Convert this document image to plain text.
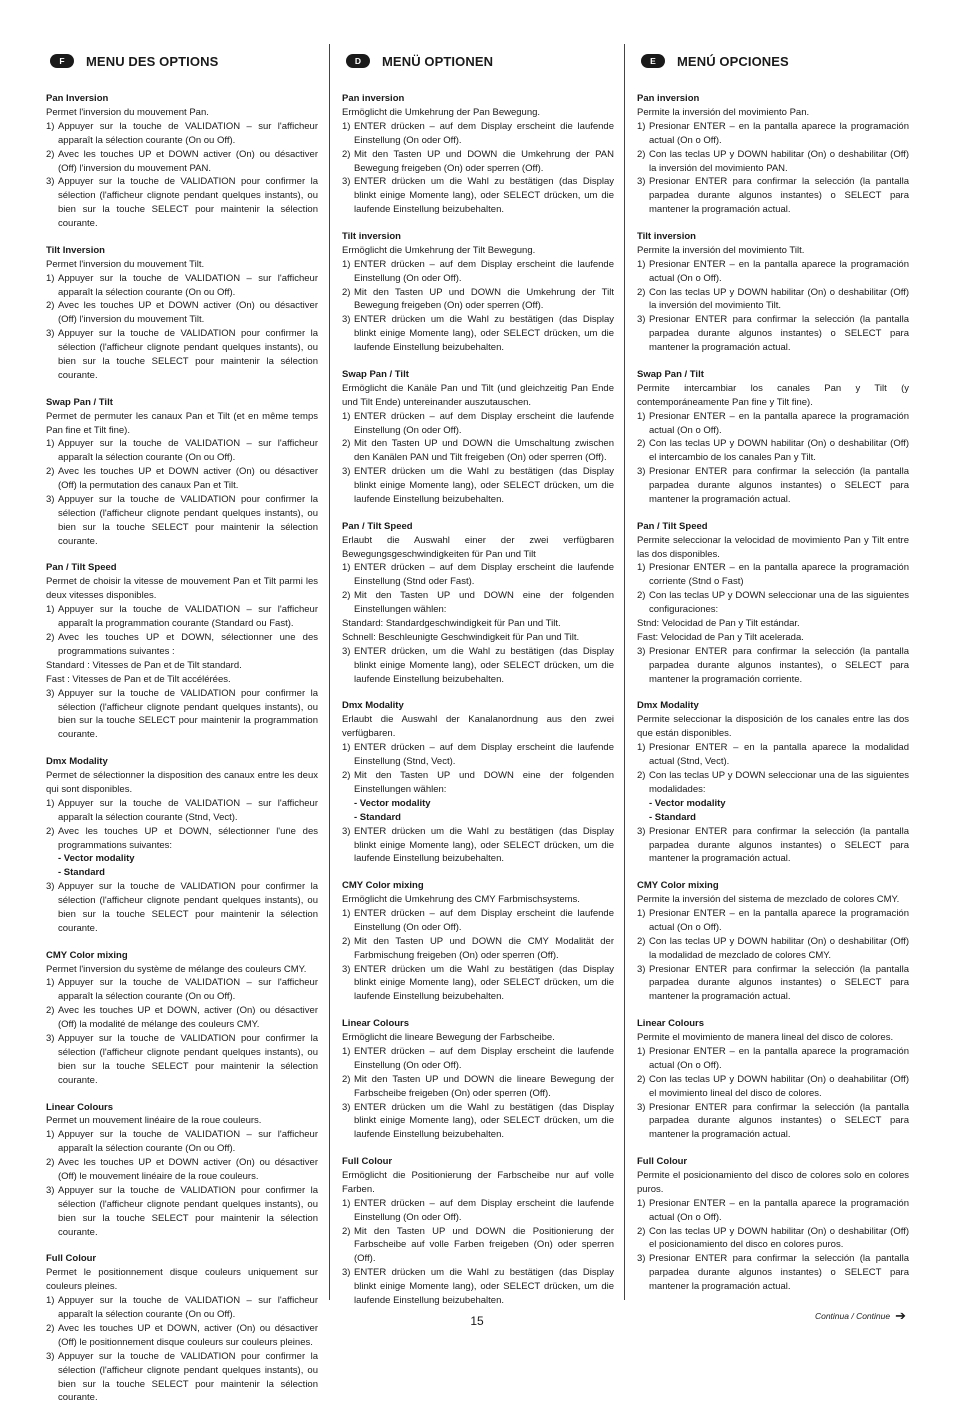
F	MENU DES OPTIONS
Pan Inversion
Permet l'inversion du mouvement Pan.
1) Appuyer sur la touche de VALIDATION – sur l'afficheur apparaît la sélection courante (On ou Off).
2) Avec les touches UP et DOWN activer (On) ou désactiver (Off) l'inversion du mouvement PAN.
3) Appuyer sur la touche de VALIDATION pour confirmer la sélection (l'afficheur clignote pendant quelques instants), ou bien sur la touche SELECT pour maintenir la sélection courante.
Tilt Inversion
Permet l'inversion du mouvement Tilt.
1) Appuyer sur la touche de VALIDATION – sur l'afficheur apparaît la sélection courante (On ou Off).
2) Avec les touches UP et DOWN activer (On) ou désactiver (Off) l'inversion du mouvement Tilt.
3) Appuyer sur la touche de VALIDATION pour confirmer la sélection (l'afficheur clignote pendant quelques instants), ou bien sur la touche SELECT pour maintenir la sélection courante.
Swap Pan / Tilt
Permet de permuter les canaux Pan et Tilt (et en même temps Pan fine et Tilt fine).
1) Appuyer sur la touche de VALIDATION – sur l'afficheur apparaît la sélection courante (On ou Off).
2) Avec les touches UP et DOWN activer (On) ou désactiver (Off) la permutation des canaux Pan et Tilt.
3) Appuyer sur la touche de VALIDATION pour confirmer la sélection (l'afficheur clignote pendant quelques instants), ou bien sur la touche SELECT pour maintenir la sélection courante.
Pan / Tilt Speed
Permet de choisir la vitesse de mouvement Pan et Tilt parmi les deux vitesses disponibles.
1) Appuyer sur la touche de VALIDATION – sur l'afficheur apparaît la programmation courante (Standard ou Fast).
2) Avec les touches UP et DOWN, sélectionner une des programmations suivantes :
Standard : Vitesses de Pan et de Tilt standard.
Fast : Vitesses de Pan et de Tilt accélérées.
3) Appuyer sur la touche de VALIDATION pour confirmer la sélection (l'afficheur clignote pendant quelques instants), ou bien sur la touche SELECT pour maintenir la programmation courante.
Dmx Modality
Permet de sélectionner la disposition des canaux entre les deux qui sont disponibles.
1) Appuyer sur la touche de VALIDATION – sur l'afficheur apparaît la sélection courante (Stnd, Vect).
2) Avec les touches UP et DOWN, sélectionner l'une des programmations suivantes:
- Vector modality
- Standard
3) Appuyer sur la touche de VALIDATION pour confirmer la sélection (l'afficheur clignote pendant quelques instants), ou bien sur la touche SELECT pour maintenir la sélection courante.
CMY Color mixing
Permet l'inversion du système de mélange des couleurs CMY.
1) Appuyer sur la touche de VALIDATION – sur l'afficheur apparaît la sélection courante (On ou Off).
2) Avec les touches UP et DOWN, activer (On) ou désactiver (Off) la modalité de mélange des couleurs CMY.
3) Appuyer sur la touche de VALIDATION pour confirmer la sélection (l'afficheur clignote pendant quelques instants), ou bien sur la touche SELECT pour maintenir la sélection courante.
Linear Colours
Permet un mouvement linéaire de la roue couleurs.
1) Appuyer sur la touche de VALIDATION – sur l'afficheur apparaît la sélection courante (On ou Off).
2) Avec les touches UP et DOWN activer (On) ou désactiver (Off) le mouvement linéaire de la roue couleurs.
3) Appuyer sur la touche de VALIDATION pour confirmer la sélection (l'afficheur clignote pendant quelques instants), ou bien sur la touche SELECT pour maintenir la sélection courante.
Full Colour
Permet le positionnement disque couleurs uniquement sur couleurs pleines.
1) Appuyer sur la touche de VALIDATION – sur l'afficheur apparaît la sélection courante (On ou Off).
2) Avec les touches UP et DOWN, activer (On) ou désactiver (Off) le positionnement disque couleurs sur couleurs pleines.
3) Appuyer sur la touche de VALIDATION pour confirmer la sélection (l'afficheur clignote pendant quelques instants), ou bien sur la touche SELECT pour maintenir la sélection courante.
D	MENÜ OPTIONEN
Pan inversion
Ermöglicht die Umkehrung der Pan Bewegung.
1) ENTER drücken – auf dem Display erscheint die laufende Einstellung (On oder Off).
2) Mit den Tasten UP und DOWN die Umkehrung der PAN Bewegung freigeben (On) oder sperren (Off).
3) ENTER drücken um die Wahl zu bestätigen (das Display blinkt einige Momente lang), oder SELECT drücken, um die laufende Einstellung beizubehalten.
Tilt inversion
Ermöglicht die Umkehrung der Tilt Bewegung.
1) ENTER drücken – auf dem Display erscheint die laufende Einstellung (On oder Off).
2) Mit den Tasten UP und DOWN die Umkehrung der Tilt Bewegung freigeben (On) oder sperren (Off).
3) ENTER drücken um die Wahl zu bestätigen (das Display blinkt einige Momente lang), oder SELECT drücken, um die laufende Einstellung beizubehalten.
Swap Pan / Tilt
Ermöglicht die Kanäle Pan und Tilt (und gleichzeitig Pan Ende und Tilt Ende) untereinander auszutauschen.
1) ENTER drücken – auf dem Display erscheint die laufende Einstellung (On oder Off).
2) Mit den Tasten UP und DOWN die Umschaltung zwischen den Kanälen PAN und Tilt freigeben (On) oder sperren (Off).
3) ENTER drücken um die Wahl zu bestätigen (das Display blinkt einige Momente lang), oder SELECT drücken, um die laufende Einstellung beizubehalten.
Pan / Tilt Speed
Erlaubt die Auswahl einer der zwei verfügbaren Bewegungsgeschwindigkeiten für Pan und Tilt
1) ENTER drücken – auf dem Display erscheint die laufende Einstellung (Stnd oder Fast).
2) Mit den Tasten UP und DOWN eine der folgenden Einstellungen wählen:
Standard: Standardgeschwindigkeit für Pan und Tilt.
Schnell: Beschleunigte Geschwindigkeit für Pan und Tilt.
3) ENTER drücken, um die Wahl zu bestätigen (das Display blinkt einige Momente lang), oder SELECT drücken, um die laufende Einstellung beizubehalten.
Dmx Modality
Erlaubt die Auswahl der Kanalanordnung aus den zwei verfügbaren.
1) ENTER drücken – auf dem Display erscheint die laufende Einstellung (Stnd, Vect).
2) Mit den Tasten UP und DOWN eine der folgenden Einstellungen wählen:
- Vector modality
- Standard
3) ENTER drücken um die Wahl zu bestätigen (das Display blinkt einige Momente lang), oder SELECT drücken, um die laufende Einstellung beizubehalten.
CMY Color mixing
Ermöglicht die Umkehrung des CMY Farbmischsystems.
1) ENTER drücken – auf dem Display erscheint die laufende Einstellung (On oder Off).
2) Mit den Tasten UP und DOWN die CMY Modalität der Farbmischung freigeben (On) oder sperren (Off).
3) ENTER drücken um die Wahl zu bestätigen (das Display blinkt einige Momente lang), oder SELECT drücken, um die laufende Einstellung beizubehalten.
Linear Colours
Ermöglicht die lineare Bewegung der Farbscheibe.
1) ENTER drücken – auf dem Display erscheint die laufende Einstellung (On oder Off).
2) Mit den Tasten UP und DOWN die lineare Bewegung der Farbscheibe freigeben (On) oder sperren (Off).
3) ENTER drücken um die Wahl zu bestätigen (das Display blinkt einige Momente lang), oder SELECT drücken, um die laufende Einstellung beizubehalten.
Full Colour
Ermöglicht die Positionierung der Farbscheibe nur auf volle Farben.
1) ENTER drücken – auf dem Display erscheint die laufende Einstellung (On oder Off).
2) Mit den Tasten UP und DOWN die Positionierung der Farbscheibe auf volle Farben freigeben (On) oder sperren (Off).
3) ENTER drücken um die Wahl zu bestätigen (das Display blinkt einige Momente lang), oder SELECT drücken, um die laufende Einstellung beizubehalten.
E	MENÚ OPCIONES
Pan inversion
Permite la inversión del movimiento Pan.
1) Presionar ENTER – en la pantalla aparece la programación actual (On o Off).
2) Con las teclas UP y DOWN habilitar (On) o deshabilitar (Off) la inversión del movimiento PAN.
3) Presionar ENTER para confirmar la selección (la pantalla parpadea durante algunos instantes) o SELECT para mantener la programación actual.
Tilt inversion
Permite la inversión del movimiento Tilt.
1) Presionar ENTER – en la pantalla aparece la programación actual (On o Off).
2) Con las teclas UP y DOWN habilitar (On) o deshabilitar (Off) la inversión del movimiento Tilt.
3) Presionar ENTER para confirmar la selección (la pantalla parpadea durante algunos instantes) o SELECT para mantener la programación actual.
Swap Pan / Tilt
Permite intercambiar los canales Pan y Tilt (y contemporáneamente Pan fine y Tilt fine).
1) Presionar ENTER – en la pantalla aparece la programación actual (On o Off).
2) Con las teclas UP y DOWN habilitar (On) o deshabilitar (Off) el intercambio de los canales Pan y Tilt.
3) Presionar ENTER para confirmar la selección (la pantalla parpadea durante algunos instantes) o SELECT para mantener la programación actual.
Pan / Tilt Speed
Permite seleccionar la velocidad de movimiento Pan y Tilt entre las dos disponibles.
1) Presionar ENTER – en la pantalla aparece la programación corriente (Stnd o Fast)
2) Con las teclas UP y DOWN seleccionar una de las siguientes configuraciones:
Stnd: Velocidad de Pan y Tilt estándar.
Fast: Velocidad de Pan y Tilt acelerada.
3) Presionar ENTER para confirmar la selección (la pantalla parpadea durante algunos instantes), o SELECT para mantener la programación corriente.
Dmx Modality
Permite seleccionar la disposición de los canales entre las dos que están disponibles.
1) Presionar ENTER – en la pantalla aparece la modalidad actual (Stnd, Vect).
2) Con las teclas UP y DOWN seleccionar una de las siguientes modalidades:
- Vector modality
- Standard
3) Presionar ENTER para confirmar la selección (la pantalla parpadea durante algunos instantes) o SELECT para mantener la programación actual.
CMY Color mixing
Permite la inversión del sistema de mezclado de colores CMY.
1) Presionar ENTER – en la pantalla aparece la programación actual (On o Off).
2) Con las teclas UP y DOWN habilitar (On) o deshabilitar (Off) la modalidad de mezclado de colores CMY.
3) Presionar ENTER para confirmar la selección (la pantalla parpadea durante algunos instantes) o SELECT para mantener la programación actual.
Linear Colours
Permite el movimiento de manera lineal del disco de colores.
1) Presionar ENTER – en la pantalla aparece la programación actual (On o Off).
2) Con las teclas UP y DOWN habilitar (On) o deahabilitar (Off) el movimiento lineal del disco de colores.
3) Presionar ENTER para confirmar la selección (la pantalla parpadea durante algunos instantes) o SELECT para mantener la programación actual.
Full Colour
Permite el posicionamiento del disco de colores solo en colores puros.
1) Presionar ENTER – en la pantalla aparece la programación actual (On o Off).
2) Con las teclas UP y DOWN habilitar (On) o deshabilitar (Off) el posicionamiento del disco en colores puros.
3) Presionar ENTER para confirmar la selección (la pantalla parpadea durante algunos instantes) o SELECT para mantener la programación actual.
15	Continua / Continue ➔
